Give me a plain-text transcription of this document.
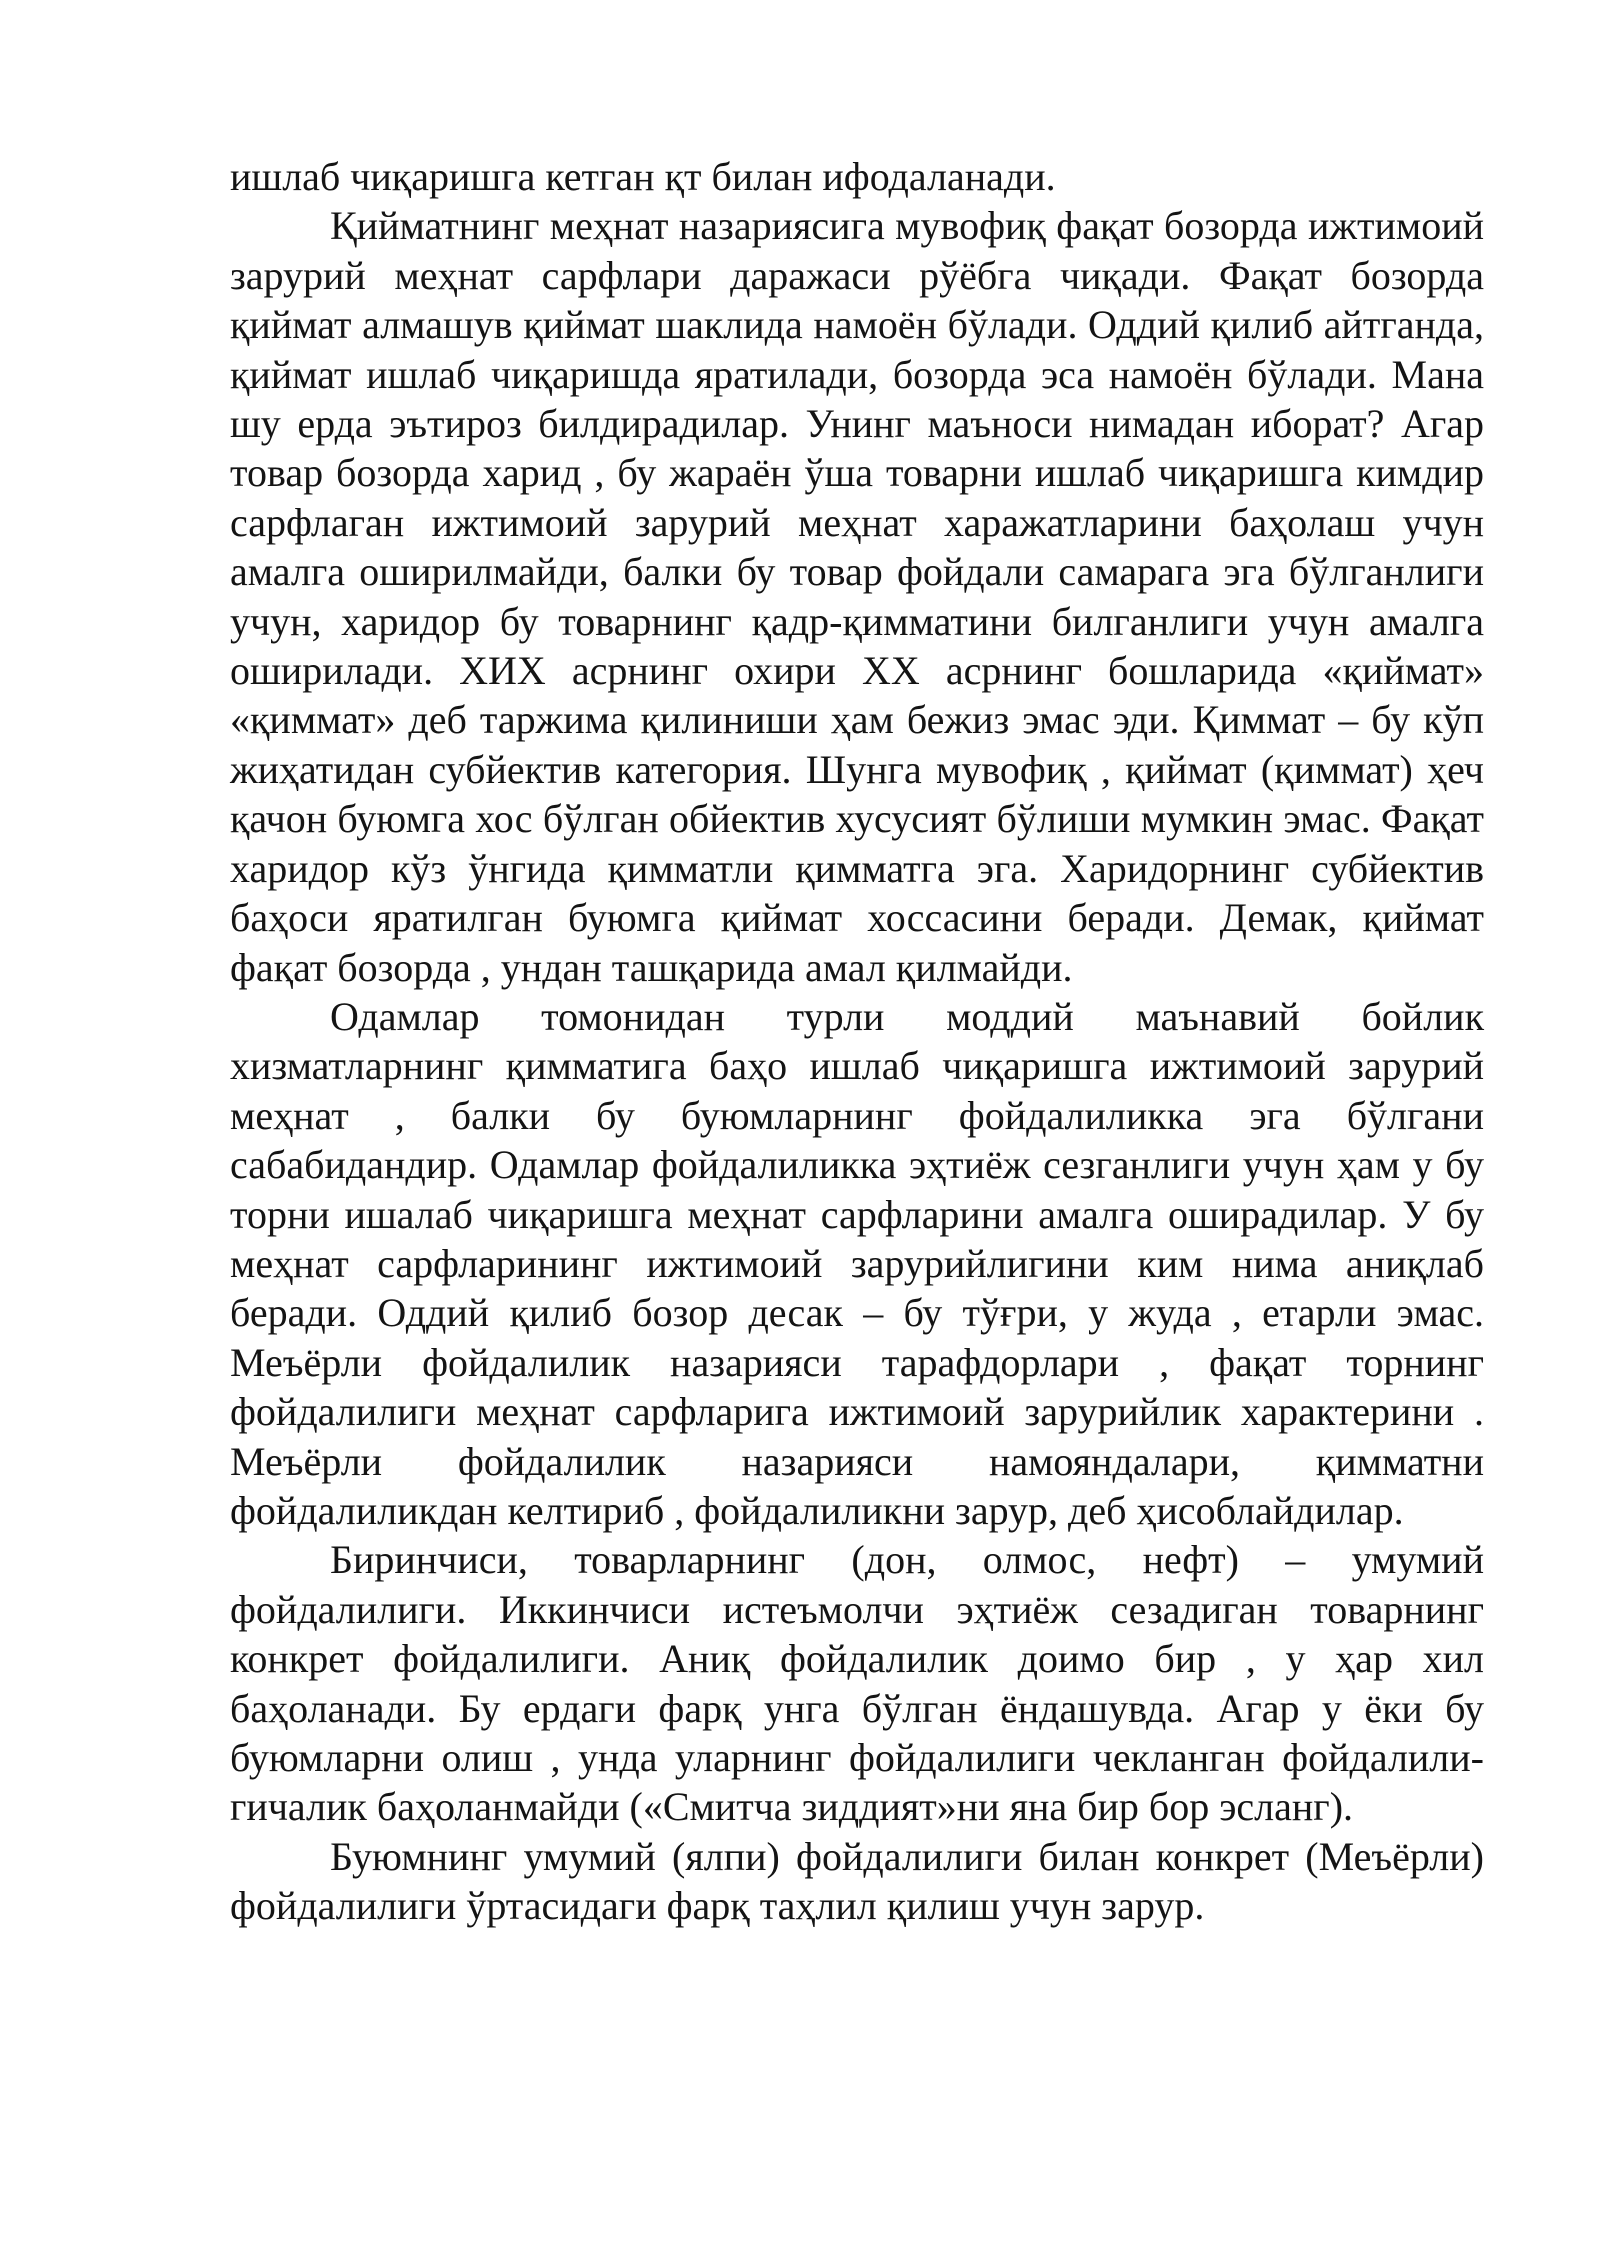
ишлаб чиқаришга кетган қт билан ифодаланади.

Қийматнинг меҳнат назариясига мувофиқ фақат бозорда ижтимоий зарурий меҳнат сарфлари даражаси рўёбга чиқади. Фақат бозорда қиймат алмашув қиймат шаклида намоён бўлади. Оддий қилиб айтганда, қиймат ишлаб чиқаришда яратилади, бозорда эса намоён бўлади. Мана шу ерда эътироз билдирадилар. Унинг маъноси нимадан иборат? Агар товар бозорда харид , бу жараён ўша товарни ишлаб чиқаришга кимдир сарфлаган ижтимоий зарурий меҳнат харажатларини баҳолаш учун амалга оширилмайди, балки бу товар фойдали самарага эга бўлганлиги учун, харидор бу товарнинг қадр-қимматини билганлиги учун амалга оширилади. XИX асрнинг охири XX асрнинг бошларида «қиймат» «қиммат» деб таржима қилиниши ҳам бежиз эмас эди. Қиммат – бу кўп жиҳатидан субйектив категория. Шунга мувофиқ , қиймат (қиммат) ҳеч қачон буюмга хос бўлган обйектив хусусият бўлиши мумкин эмас. Фақат харидор кўз ўнгида қимматли қимматга эга. Харидорнинг субйектив баҳоси яратилган буюмга қиймат хоссасини беради. Демак, қиймат фақат бозорда , ундан ташқарида амал қилмайди.

Одамлар томонидан турли моддий маънавий бойлик хизматларнинг қимматига баҳо ишлаб чиқаришга ижтимоий зарурий меҳнат , балки бу буюмларнинг фойдалиликка эга бўлгани сабабидандир. Одамлар фойдалиликка эҳтиёж сезганлиги учун ҳам у бу торни ишалаб чиқаришга меҳнат сарфларини амалга оширадилар. У бу меҳнат сарфларининг ижтимоий зарурийлигини ким нима аниқлаб беради. Оддий қилиб бозор десак – бу тўғри, у жуда , етарли эмас. Меъёрли фойдалилик назарияси тарафдорлари , фақат торнинг фойдалилиги меҳнат сарфларига ижтимоий зарурийлик характерини . Меъёрли фойдалилик назарияси намояндалари, қимматни фойдалиликдан келтириб , фойдалиликни зарур, деб ҳисоблайдилар.

Биринчиси, товарларнинг (дон, олмос, нефт) – умумий фойдалилиги. Иккинчиси истеъмолчи эҳтиёж сезадиган товарнинг конкрет фойдалилиги. Аниқ фойдалилик доимо бир , у ҳар хил баҳоланади. Бу ердаги фарқ унга бўлган ёндашувда. Агар у ёки бу буюмларни олиш , унда уларнинг фойдалилиги чекланган фойдалили- гичалик баҳоланмайди («Смитча зиддият»ни яна бир бор эсланг).

Буюмнинг умумий (ялпи) фойдалилиги билан конкрет (Меъёрли) фойдалилиги ўртасидаги фарқ таҳлил қилиш учун зарур.
